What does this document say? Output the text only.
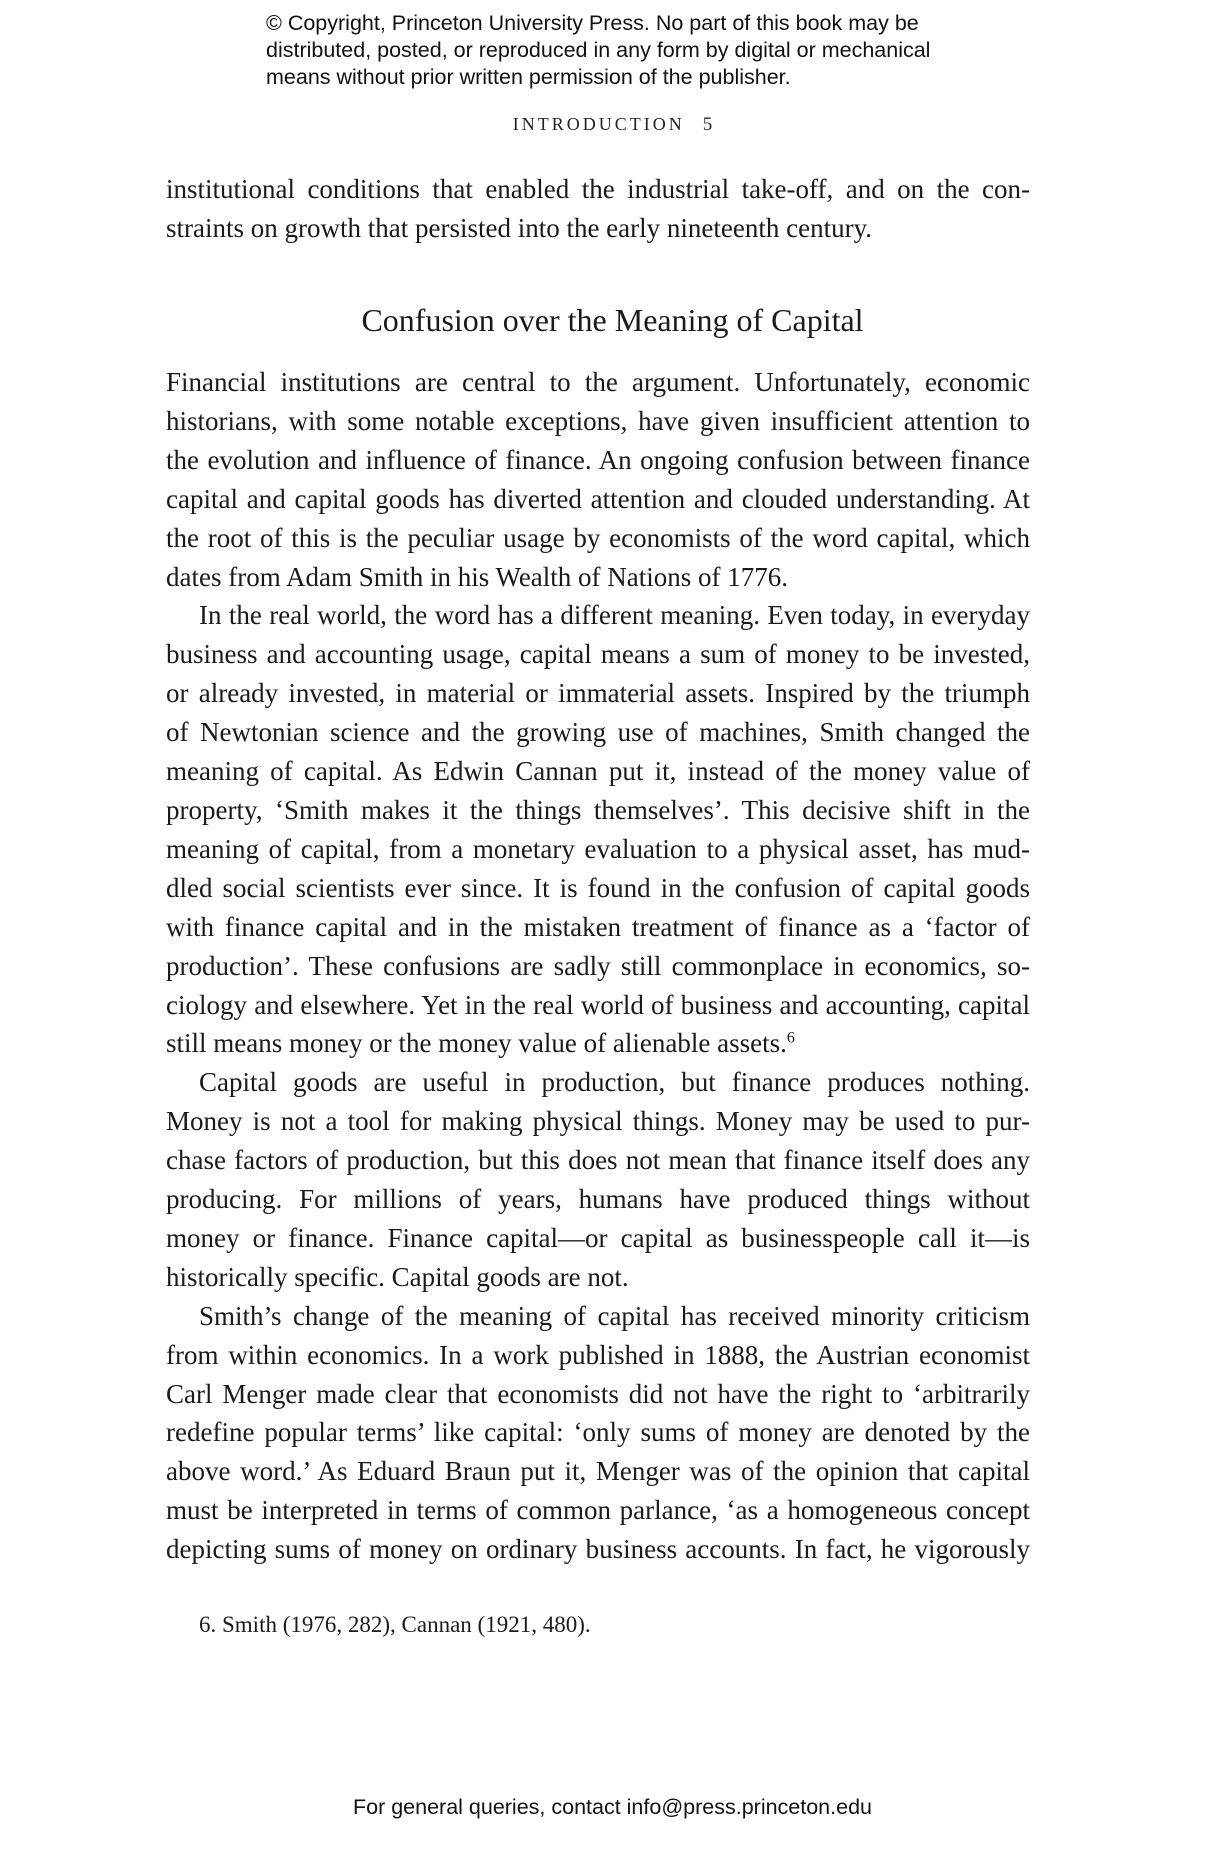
© Copyright, Princeton University Press. No part of this book may be
distributed, posted, or reproduced in any form by digital or mechanical
means without prior written permission of the publisher.
INTRODUCTION 5

institutional conditions that enabled the industrial take-off, and on the con-
straints on growth that persisted into the early nineteenth century.

Confusion over the Meaning of Capital

Financial institutions are central to the argument. Unfortunately, economic
historians, with some notable exceptions, have given insufficient attention to
the evolution and influence of finance. An ongoing confusion between finance
capital and capital goods has diverted attention and clouded understanding. At
the root of this is the peculiar usage by economists of the word capital, which
dates from Adam Smith in his Wealth of Nations of 1776.

In the real world, the word has a different meaning. Even today, in everyday
business and accounting usage, capital means a sum of money to be invested,
or already invested, in material or immaterial assets. Inspired by the triumph
of Newtonian science and the growing use of machines, Smith changed the
meaning of capital. As Edwin Cannan put it, instead of the money value of
property, ‘Smith makes it the things themselves’. This decisive shift in the
meaning of capital, from a monetary evaluation to a physical asset, has mud-
dled social scientists ever since. It is found in the confusion of capital goods
with finance capital and in the mistaken treatment of finance as a ‘factor of
production’. These confusions are sadly still commonplace in economics, so-
ciology and elsewhere. Yet in the real world of business and accounting, capital
still means money or the money value of alienable assets.$^6$

Capital goods are useful in production, but finance produces nothing.
Money is not a tool for making physical things. Money may be used to pur-
chase factors of production, but this does not mean that finance itself does any
producing. For millions of years, humans have produced things without
money or finance. Finance capital—or capital as businesspeople call it—is
historically specific. Capital goods are not.

Smith’s change of the meaning of capital has received minority criticism
from within economics. In a work published in 1888, the Austrian economist
Carl Menger made clear that economists did not have the right to ‘arbitrarily
redefine popular terms’ like capital: ‘only sums of money are denoted by the
above word.’ As Eduard Braun put it, Menger was of the opinion that capital
must be interpreted in terms of common parlance, ‘as a homogeneous concept
depicting sums of money on ordinary business accounts. In fact, he vigorously

6. Smith (1976, 282), Cannan (1921, 480).
For general queries, contact info@press.princeton.edu
